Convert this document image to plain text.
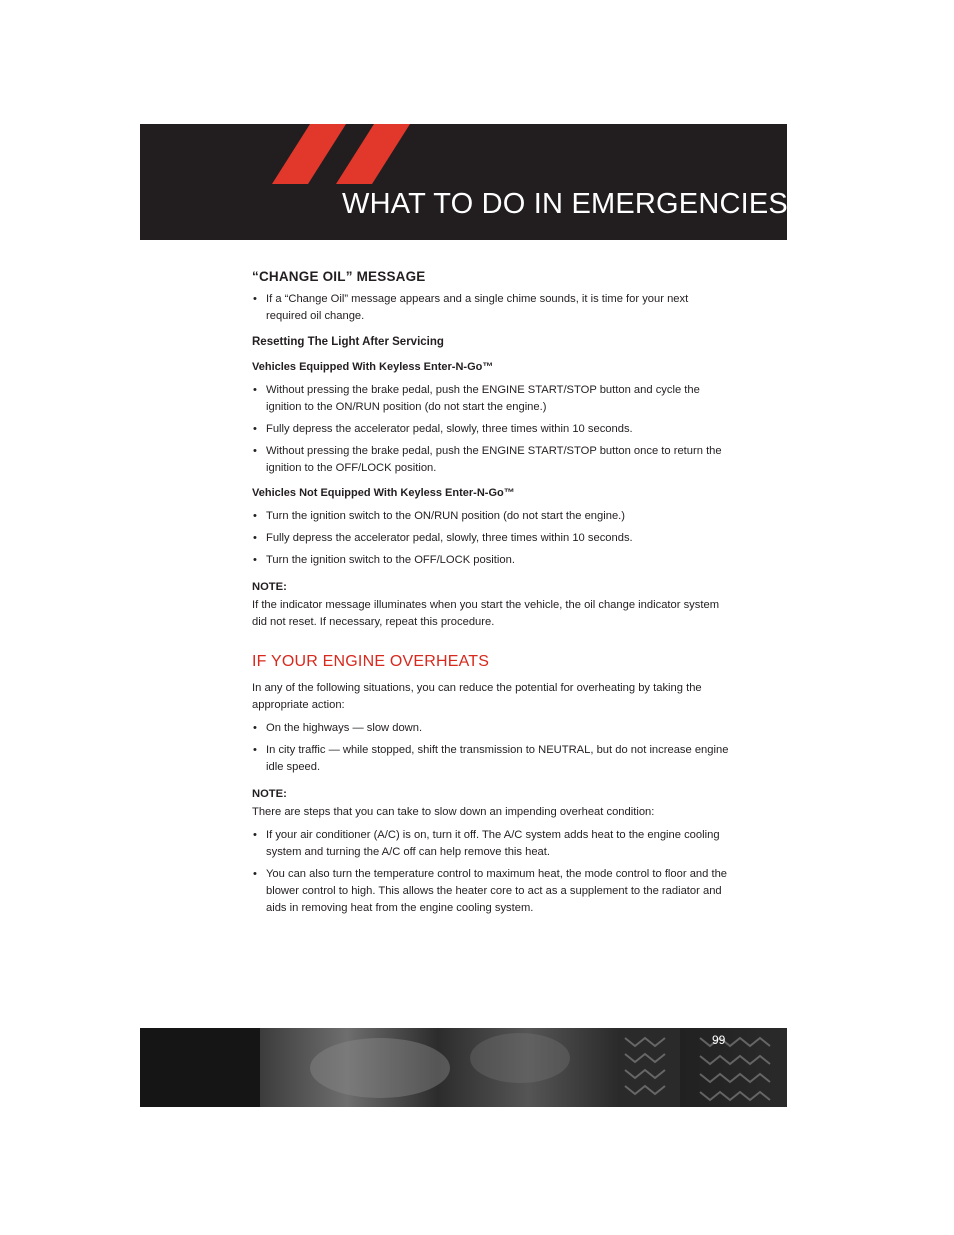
WHAT TO DO IN EMERGENCIES
“CHANGE OIL” MESSAGE
• If a “Change Oil” message appears and a single chime sounds, it is time for your next required oil change.
Resetting The Light After Servicing
Vehicles Equipped With Keyless Enter-N-Go™
• Without pressing the brake pedal, push the ENGINE START/STOP button and cycle the ignition to the ON/RUN position (do not start the engine.)
• Fully depress the accelerator pedal, slowly, three times within 10 seconds.
• Without pressing the brake pedal, push the ENGINE START/STOP button once to return the ignition to the OFF/LOCK position.
Vehicles Not Equipped With Keyless Enter-N-Go™
• Turn the ignition switch to the ON/RUN position (do not start the engine.)
• Fully depress the accelerator pedal, slowly, three times within 10 seconds.
• Turn the ignition switch to the OFF/LOCK position.
NOTE:

If the indicator message illuminates when you start the vehicle, the oil change indicator system did not reset. If necessary, repeat this procedure.

IF YOUR ENGINE OVERHEATS

In any of the following situations, you can reduce the potential for overheating by taking the appropriate action:

• On the highways — slow down.
• In city traffic — while stopped, shift the transmission to NEUTRAL, but do not increase engine idle speed.
NOTE:

There are steps that you can take to slow down an impending overheat condition:

• If your air conditioner (A/C) is on, turn it off. The A/C system adds heat to the engine cooling system and turning the A/C off can help remove this heat.
• You can also turn the temperature control to maximum heat, the mode control to floor and the blower control to high. This allows the heater core to act as a supplement to the radiator and aids in removing heat from the engine cooling system.
99
